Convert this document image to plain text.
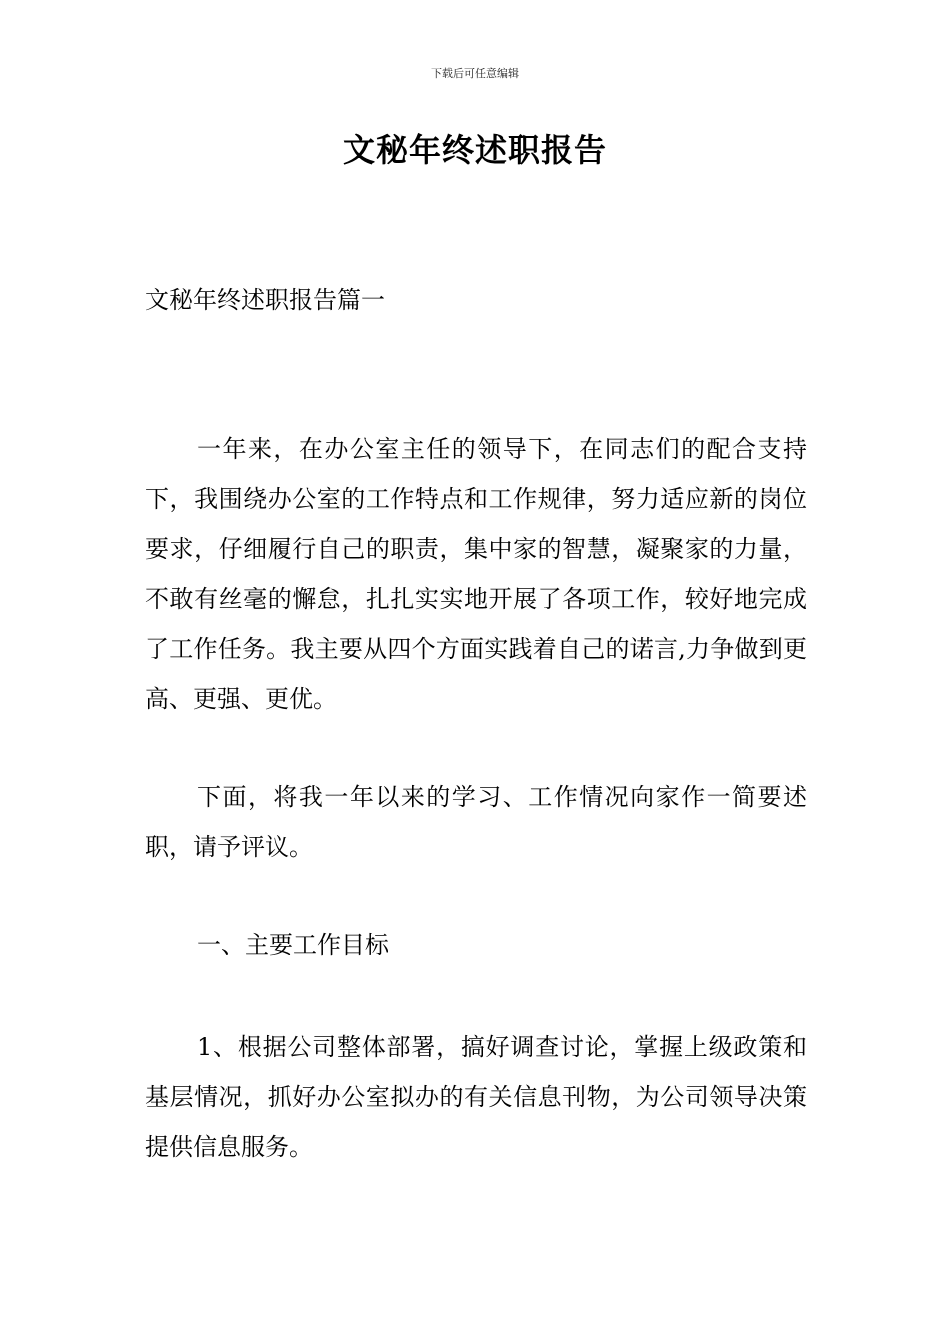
下载后可任意编辑
文秘年终述职报告
文秘年终述职报告篇一

一年来，在办公室主任的领导下，在同志们的配合支持下，我围绕办公室的工作特点和工作规律，努力适应新的岗位要求，仔细履行自己的职责，集中家的智慧，凝聚家的力量，不敢有丝毫的懈怠，扎扎实实地开展了各项工作，较好地完成了工作任务。我主要从四个方面实践着自己的诺言,力争做到更高、更强、更优。

下面，将我一年以来的学习、工作情况向家作一简要述职，请予评议。

一、主要工作目标

1、根据公司整体部署，搞好调查讨论，掌握上级政策和基层情况，抓好办公室拟办的有关信息刊物，为公司领导决策提供信息服务。
